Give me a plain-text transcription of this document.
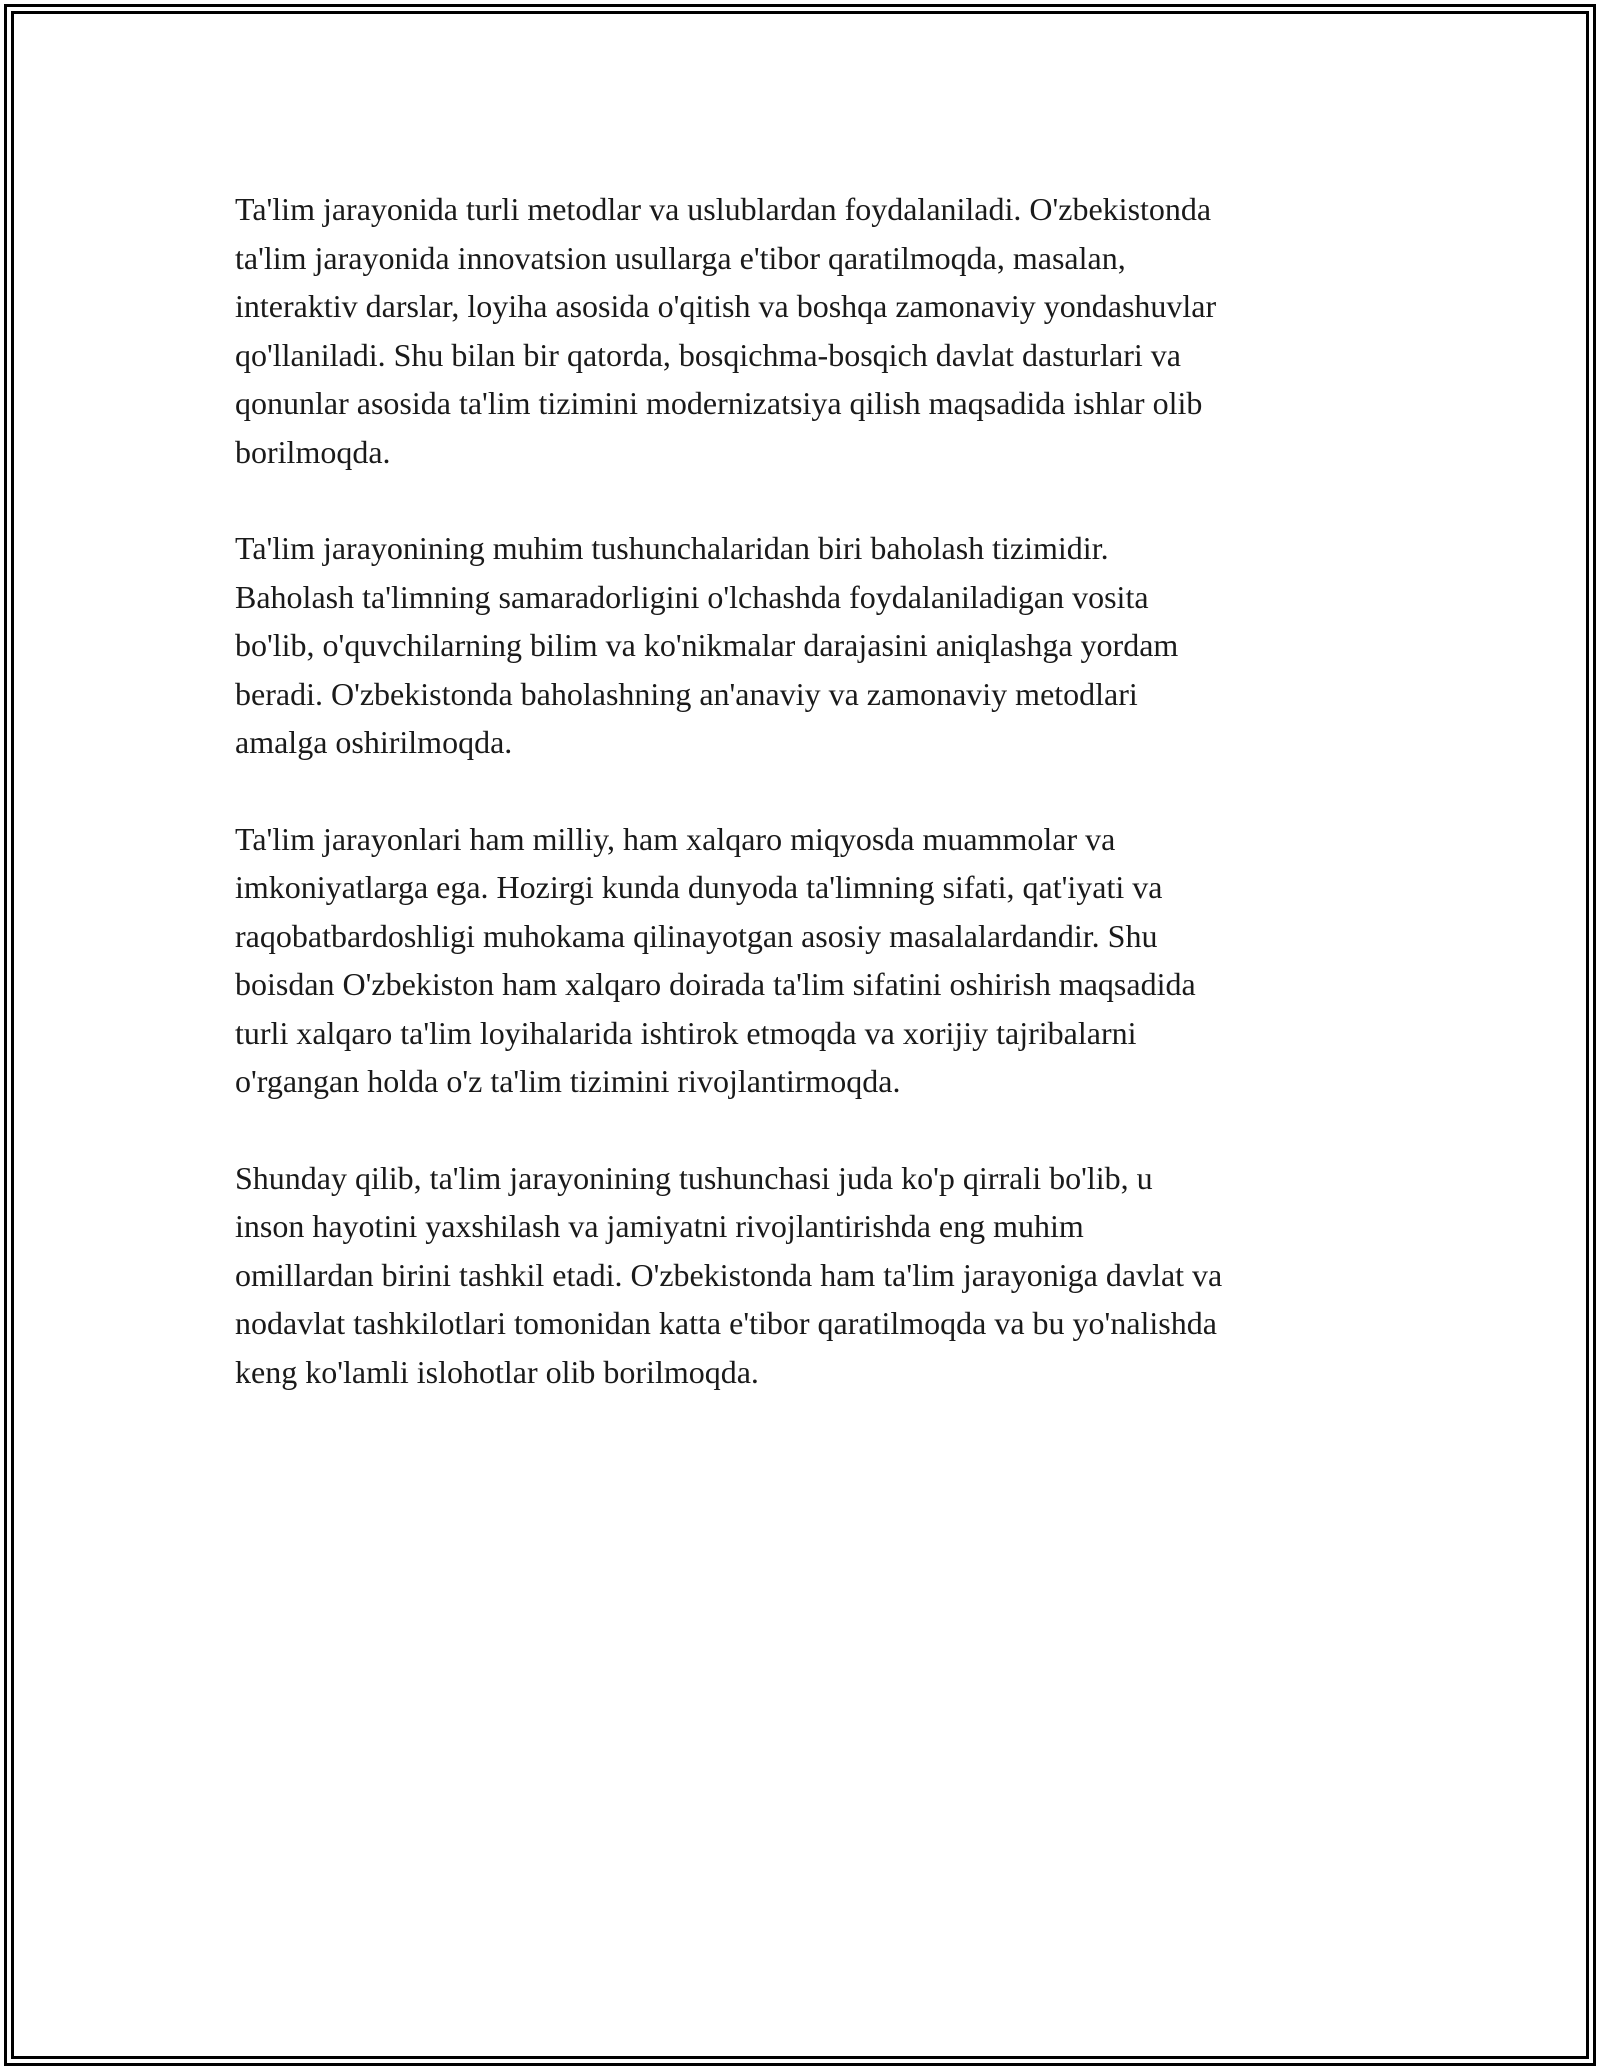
Ta'lim jarayonida turli metodlar va uslublardan foydalaniladi. O'zbekistonda
ta'lim jarayonida innovatsion usullarga e'tibor qaratilmoqda, masalan,
interaktiv darslar, loyiha asosida o'qitish va boshqa zamonaviy yondashuvlar
qo'llaniladi. Shu bilan bir qatorda, bosqichma-bosqich davlat dasturlari va
qonunlar asosida ta'lim tizimini modernizatsiya qilish maqsadida ishlar olib
borilmoqda.

Ta'lim jarayonining muhim tushunchalaridan biri baholash tizimidir.
Baholash ta'limning samaradorligini o'lchashda foydalaniladigan vosita
bo'lib, o'quvchilarning bilim va ko'nikmalar darajasini aniqlashga yordam
beradi. O'zbekistonda baholashning an'anaviy va zamonaviy metodlari
amalga oshirilmoqda.

Ta'lim jarayonlari ham milliy, ham xalqaro miqyosda muammolar va
imkoniyatlarga ega. Hozirgi kunda dunyoda ta'limning sifati, qat'iyati va
raqobatbardoshligi muhokama qilinayotgan asosiy masalalardandir. Shu
boisdan O'zbekiston ham xalqaro doirada ta'lim sifatini oshirish maqsadida
turli xalqaro ta'lim loyihalarida ishtirok etmoqda va xorijiy tajribalarni
o'rgangan holda o'z ta'lim tizimini rivojlantirmoqda.

Shunday qilib, ta'lim jarayonining tushunchasi juda ko'p qirrali bo'lib, u
inson hayotini yaxshilash va jamiyatni rivojlantirishda eng muhim
omillardan birini tashkil etadi. O'zbekistonda ham ta'lim jarayoniga davlat va
nodavlat tashkilotlari tomonidan katta e'tibor qaratilmoqda va bu yo'nalishda
keng ko'lamli islohotlar olib borilmoqda.
